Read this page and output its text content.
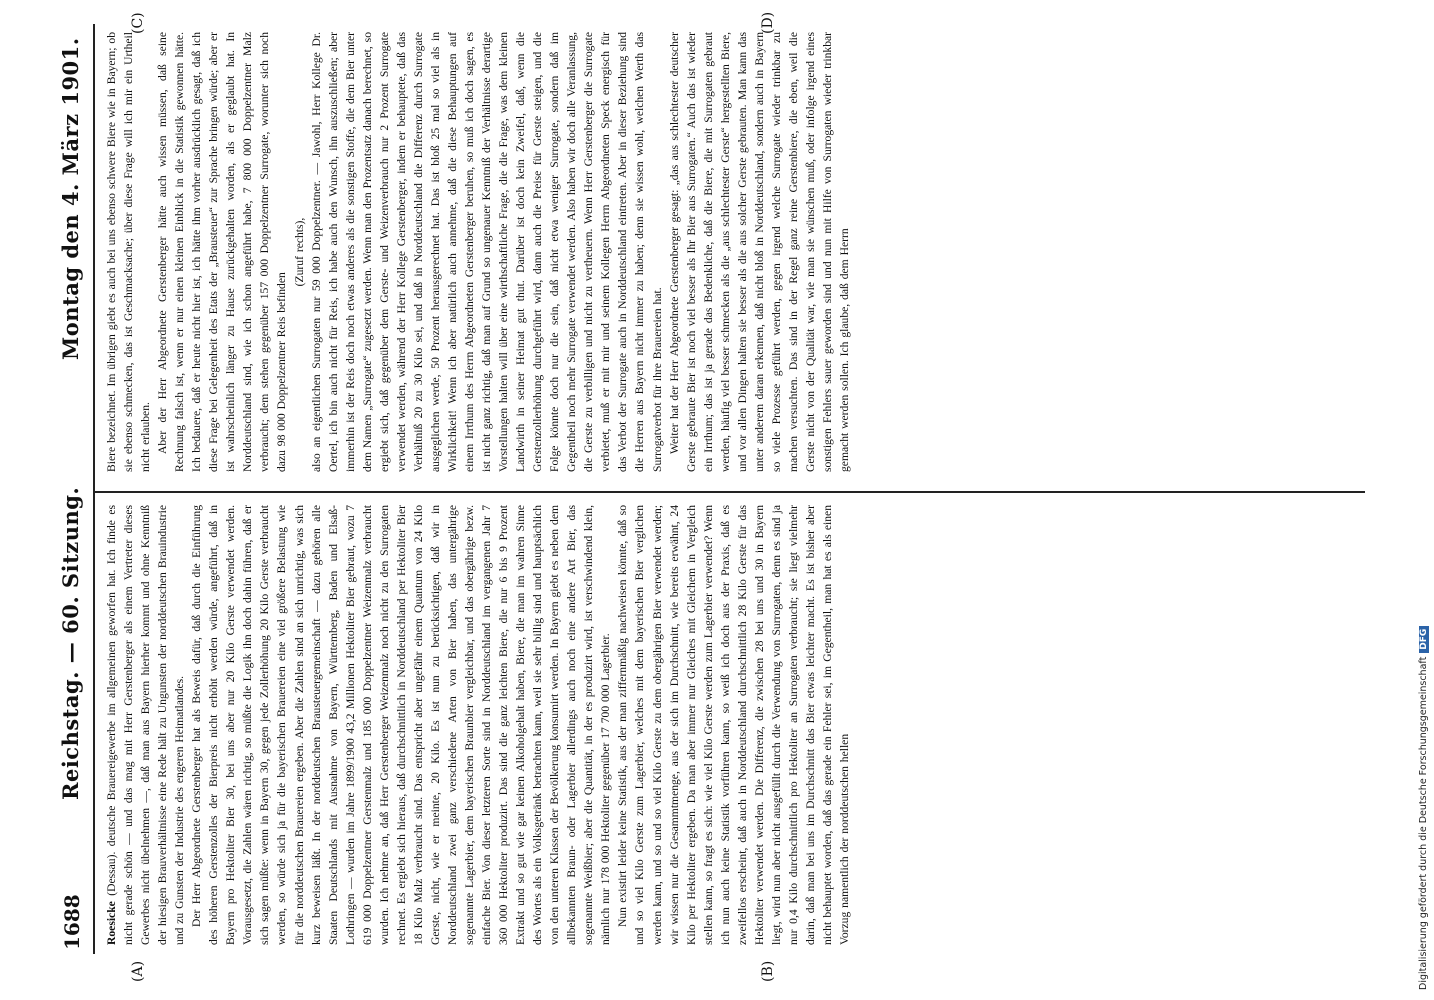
1688
Reichstag. — 60. Sitzung.
Montag den 4. März 1901.
(A)	(B)
(C)	(D)

Roesicke (Dessau). deutsche Brauereigewerbe im allgemeinen geworfen hat. Ich finde es nicht gerade schön — und das mag mit Herr Gerstenberger als einem Vertreter dieses Gewerbes nicht übelnehmen —, daß man aus Bayern hierher kommt und ohne Kenntniß der hiesigen Brauverhältnisse eine Rede hält zu Ungunsten der norddeutschen Brauindustrie und zu Gunsten der Industrie des engeren Heimatlandes. Der Herr Abgeordnete Gerstenberger hat als Beweis dafür, daß durch die Einführung des höheren Gerstenzolles der Bierpreis nicht erhöht werden würde, angeführt, daß in Bayern pro Hektoliter Bier 30, bei uns aber nur 20 Kilo Gerste verwendet werden. Vorausgesetzt, die Zahlen wären richtig, so müßte die Logik ihn doch dahin führen, daß er sich sagen müßte: wenn in Bayern 30, gegen jede Zollerhöhung 20 Kilo Gerste verbraucht werden, so würde sich ja für die bayerischen Brauereien eine viel größere Belastung wie für die norddeutschen Brauereien ergeben. Aber die Zahlen sind an sich unrichtig, was sich kurz beweisen läßt. In der norddeutschen Brausteuergemeinschaft — dazu gehören alle Staaten Deutschlands mit Ausnahme von Bayern, Württemberg, Baden und Elsaß-Lothringen — wurden im Jahre 1899/1900 43,2 Millionen Hektoliter Bier gebraut, wozu 7 619 000 Doppelzentner Gerstenmalz und 185 000 Doppelzentner Weizenmalz verbraucht wurden. Ich nehme an, daß Herr Gerstenberger Weizenmalz noch nicht zu den Surrogaten rechnet. Es ergiebt sich hieraus, daß durchschnittlich in Norddeutschland per Hektoliter Bier 18 Kilo Malz verbraucht sind. Das entspricht aber ungefähr einem Quantum von 24 Kilo Gerste, nicht, wie er meinte, 20 Kilo. Es ist nun zu berücksichtigen, daß wir in Norddeutschland zwei ganz verschiedene Arten von Bier haben, das untergährige sogenannte Lagerbier, dem bayerischen Braunbier vergleichbar, und das obergährige bezw. einfache Bier. Von dieser letzteren Sorte sind in Norddeutschland im vergangenen Jahr 7 360 000 Hektoliter produzirt. Das sind die ganz leichten Biere, die nur 6 bis 9 Prozent Extrakt und so gut wie gar keinen Alkoholgehalt haben, Biere, die man im wahren Sinne des Wortes als ein Volksgetränk betrachten kann, weil sie sehr billig sind und hauptsächlich von den unteren Klassen der Bevölkerung konsumirt werden. In Bayern giebt es neben dem allbekannten Braun- oder Lagerbier allerdings auch noch eine andere Art Bier, das sogenannte Weißbier; aber die Quantität, in der es produzirt wird, ist verschwindend klein, nämlich nur 178 000 Hektoliter gegenüber 17 700 000 Lagerbier. Nun existirt leider keine Statistik, aus der man ziffernmäßig nachweisen könnte, daß so und so viel Kilo Gerste zum Lagerbier, welches mit dem bayerischen Bier verglichen werden kann, und so und so viel Kilo Gerste zu dem obergährigen Bier verwendet werden; wir wissen nur die Gesammtmenge, aus der sich im Durchschnitt, wie bereits erwähnt, 24 Kilo per Hektoliter ergeben. Da man aber immer nur Gleiches mit Gleichem in Vergleich stellen kann, so fragt es sich: wie viel Kilo Gerste werden zum Lagerbier verwendet? Wenn ich nun auch keine Statistik vorführen kann, so weiß ich doch aus der Praxis, daß es zweifellos erscheint, daß auch in Norddeutschland durchschnittlich 28 Kilo Gerste für das Hektoliter verwendet werden. Die Differenz, die zwischen 28 bei uns und 30 in Bayern liegt, wird nun aber nicht ausgefüllt durch die Verwendung von Surrogaten, denn es sind ja nur 0,4 Kilo durchschnittlich pro Hektoliter an Surrogaten verbraucht; sie liegt vielmehr darin, daß man bei uns im Durchschnitt das Bier etwas leichter macht. Es ist bisher aber nicht behauptet worden, daß das gerade ein Fehler sei, im Gegentheil, man hat es als einen Vorzug namentlich der norddeutschen hellen

Biere bezeichnet. Im übrigen giebt es auch bei uns ebenso schwere Biere wie in Bayern; ob sie ebenso schmecken, das ist Geschmacksache; über diese Frage will ich mir ein Urtheil nicht erlauben. Aber der Herr Abgeordnete Gerstenberger hätte auch wissen müssen, daß seine Rechnung falsch ist, wenn er nur einen kleinen Einblick in die Statistik gewonnen hätte. Ich bedauere, daß er heute nicht hier ist, ich hätte ihm vorher ausdrücklich gesagt, daß ich diese Frage bei Gelegenheit des Etats der „Brausteuer“ zur Sprache bringen würde; aber er ist wahrscheinlich länger zu Hause zurückgehalten worden, als er geglaubt hat. In Norddeutschland sind, wie ich schon angeführt habe, 7 800 000 Doppelzentner Malz verbraucht; dem stehen gegenüber 157 000 Doppelzentner Surrogate, worunter sich noch dazu 98 000 Doppelzentner Reis befinden

(Zuruf rechts), also an eigentlichen Surrogaten nur 59 000 Doppelzentner. — Jawohl, Herr Kollege Dr. Oertel, ich bin auch nicht für Reis, ich habe auch den Wunsch, ihn auszuschließen; aber immerhin ist der Reis doch noch etwas anderes als die sonstigen Stoffe, die dem Bier unter dem Namen „Surrogate“ zugesetzt werden. Wenn man den Prozentsatz danach berechnet, so ergiebt sich, daß gegenüber dem Gerste- und Weizenverbrauch nur 2 Prozent Surrogate verwendet werden, während der Herr Kollege Gerstenberger, indem er behauptete, daß das Verhältniß 20 zu 30 Kilo sei, und daß in Norddeutschland die Differenz durch Surrogate ausgeglichen werde, 50 Prozent herausgerechnet hat. Das ist bloß 25 mal so viel als in Wirklichkeit! Wenn ich aber natürlich auch annehme, daß die diese Behauptungen auf einem Irrthum des Herrn Abgeordneten Gerstenberger beruhen, so muß ich doch sagen, es ist nicht ganz richtig, daß man auf Grund so ungenauer Kenntniß der Verhältnisse derartige Vorstellungen halten will über eine wirthschaftliche Frage, die die Frage, was dem kleinen Landwirth in seiner Heimat gut thut. Darüber ist doch kein Zweifel, daß, wenn die Gerstenzollerhöhung durchgeführt wird, dann auch die Preise für Gerste steigen, und die Folge könnte doch nur die sein, daß nicht etwa weniger Surrogate, sondern daß im Gegentheil noch mehr Surrogate verwendet werden. Also haben wir doch alle Veranlassung, die Gerste zu verbilligen und nicht zu vertheuern. Wenn Herr Gerstenberger die Surrogate verbietet, muß er mit mir und seinem Kollegen Herrn Abgeordneten Speck energisch für das Verbot der Surrogate auch in Norddeutschland eintreten. Aber in dieser Beziehung sind die Herren aus Bayern nicht immer zu haben; denn sie wissen wohl, welchen Werth das Surrogatverbot für ihre Brauereien hat. Weiter hat der Herr Abgeordnete Gerstenberger gesagt: „das aus schlechtester deutscher Gerste gebraute Bier ist noch viel besser als Ihr Bier aus Surrogaten.“ Auch das ist wieder ein Irrthum; das ist ja gerade das Bedenkliche, daß die Biere, die mit Surrogaten gebraut werden, häufig viel besser schmecken als die „aus schlechtester Gerste“ hergestellten Biere, und vor allen Dingen halten sie besser als die aus solcher Gerste gebrauten. Man kann das unter anderem daran erkennen, daß nicht bloß in Norddeutschland, sondern auch in Bayern so viele Prozesse geführt werden, gegen irgend welche Surrogate wieder trinkbar zu machen versuchten. Das sind in der Regel ganz reine Gerstenbiere, die eben, weil die Gerste nicht von der Qualität war, wie man sie wünschen muß, oder infolge irgend eines sonstigen Fehlers sauer geworden sind und nun mit Hilfe von Surrogaten wieder trinkbar gemacht werden sollen. Ich glaube, daß dem Herrn

Digitalisierung gefördert durch die Deutsche ForschungsgemeinschaftDFG
